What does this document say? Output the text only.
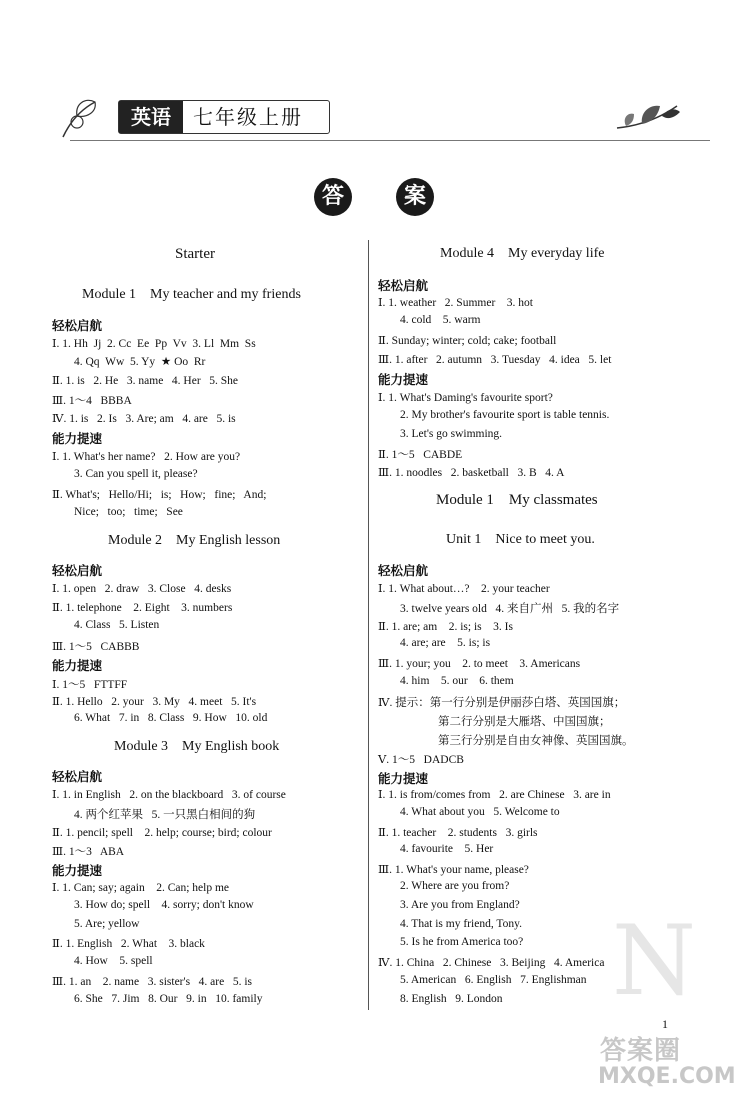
英语	七年级上册
答	案
Starter
Module 1    My teacher and my friends
轻松启航
Ⅰ. 1. Hh  Jj  2. Cc  Ee  Pp  Vv  3. Ll  Mm  Ss
4. Qq  Ww  5. Yy  ★ Oo  Rr
Ⅱ. 1. is   2. He   3. name   4. Her   5. She
Ⅲ. 1～4   BBBA
Ⅳ. 1. is   2. Is   3. Are; am   4. are   5. is
能力提速
Ⅰ. 1. What's her name?   2. How are you?
3. Can you spell it, please?
Ⅱ. What's;   Hello/Hi;   is;   How;   fine;   And;
Nice;   too;   time;   See
Module 2    My English lesson
轻松启航
Ⅰ. 1. open   2. draw   3. Close   4. desks
Ⅱ. 1. telephone    2. Eight    3. numbers
4. Class   5. Listen
Ⅲ. 1～5   CABBB
能力提速
Ⅰ. 1～5   FTTFF
Ⅱ. 1. Hello   2. your   3. My   4. meet   5. It's
6. What   7. in   8. Class   9. How   10. old
Module 3    My English book
轻松启航
Ⅰ. 1. in English   2. on the blackboard   3. of course
4. 两个红苹果   5. 一只黑白相间的狗
Ⅱ. 1. pencil; spell    2. help; course; bird; colour
Ⅲ. 1～3   ABA
能力提速
Ⅰ. 1. Can; say; again    2. Can; help me
3. How do; spell    4. sorry; don't know
5. Are; yellow
Ⅱ. 1. English   2. What    3. black
4. How    5. spell
Ⅲ. 1. an    2. name   3. sister's   4. are   5. is
6. She   7. Jim   8. Our   9. in   10. family
Module 4    My everyday life
轻松启航
Ⅰ. 1. weather   2. Summer    3. hot
4. cold    5. warm
Ⅱ. Sunday; winter; cold; cake; football
Ⅲ. 1. after   2. autumn   3. Tuesday   4. idea   5. let
能力提速
Ⅰ. 1. What's Daming's favourite sport?
2. My brother's favourite sport is table tennis.
3. Let's go swimming.
Ⅱ. 1～5   CABDE
Ⅲ. 1. noodles   2. basketball   3. B   4. A
Module 1    My classmates
Unit 1    Nice to meet you.
轻松启航
Ⅰ. 1. What about…?    2. your teacher
3. twelve years old   4. 来自广州   5. 我的名字
Ⅱ. 1. are; am    2. is; is    3. Is
4. are; are    5. is; is
Ⅲ. 1. your; you    2. to meet    3. Americans
4. him    5. our    6. them
Ⅳ. 提示：第一行分别是伊丽莎白塔、英国国旗；
第二行分别是大雁塔、中国国旗；
第三行分别是自由女神像、英国国旗。
Ⅴ. 1～5   DADCB
能力提速
Ⅰ. 1. is from/comes from   2. are Chinese   3. are in
4. What about you   5. Welcome to
Ⅱ. 1. teacher    2. students   3. girls
4. favourite    5. Her
Ⅲ. 1. What's your name, please?
2. Where are you from?
3. Are you from England?
4. That is my friend, Tony.
5. Is he from America too?
Ⅳ. 1. China   2. Chinese   3. Beijing   4. America
5. American   6. English   7. Englishman
8. English   9. London N
1
答案圈
MXQE.COM
